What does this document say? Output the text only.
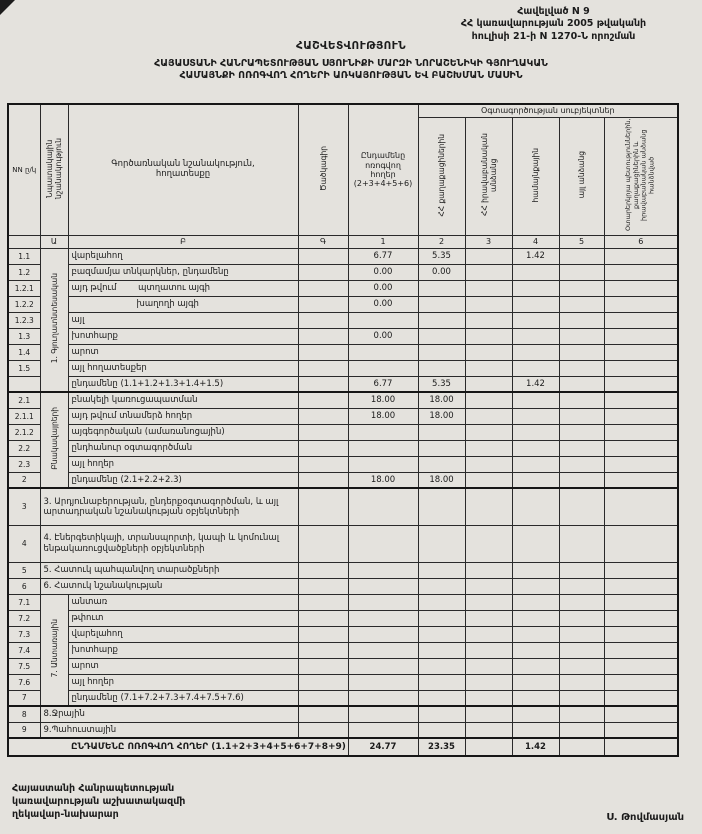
Հավելված N 9
ՀՀ կառավարության 2005 թվականի
հուլիսի 21-ի N 1270-Ն որոշման
ՀԱՇՎԵՏՎՈՒԹՅՈՒՆ
ՀԱՅԱՍՏԱՆԻ ՀԱՆՐԱՊԵՏՈՒԹՅԱՆ ՍՅՈՒՆԻՔԻ ՄԱՐԶԻ ՆՈՐԱՇԵՆԻԿԻ ԳՅՈՒՂԱԿԱՆ
ՀԱՄԱՅՆՔԻ ՈՌՈԳՎՈՂ ՀՈՂԵՐԻ ԱՌԿԱՅՈՒԹՅԱՆ ԵՎ ԲԱՇԽՄԱՆ ՄԱՍԻՆ
NN ը/կ	Նպատակային նշանակություն	Գործառնական նշանակություն, հողատեսքը	Ծածկագիր	Ընդամենը ոռոգվող հողեր (2+3+4+5+6)	Օգտագործության սուբյեկտներ				
					ՀՀ քաղաքացիներին	ՀՀ իրավաբանական անձանց	համայնքային	այլ անձանց	Օտարերկրյա պետություններին, քաղաքացիներին և իրավաբանական անձանց հանձնված
	Ա	Բ	Գ	1	2	3	4	5	6
1.1	1. Գյուղատնտեսական	վարելահող		6.77	5.35		1.42		
1.2		բազմամյա տնկարկներ, ընդամենը		0.00	0.00				
1.2.1		այդ թվում        պտղատու այգի		0.00					
1.2.2		խաղողի այգի		0.00					
1.2.3		այլ							
1.3		խոտհարք		0.00					
1.4		արոտ							
1.5		այլ հողատեսքեր							
		ընդամենը (1.1+1.2+1.3+1.4+1.5)		6.77	5.35		1.42		
2.1	Բնակավայրերի	բնակելի կառուցապատման		18.00	18.00				
2.1.1		այդ թվում տնամերձ հողեր		18.00	18.00				
2.1.2		այգեգործական (ամառանոցային)							
2.2		ընդհանուր օգտագործման							
2.3		այլ հողեր							
2		ընդամենը (2.1+2.2+2.3)		18.00	18.00				
3	3. Արդյունաբերության, ընդերքօգտագործման, և այլ արտադրական նշանակության օբյեկտների								
4	4. Էներգետիկայի, տրանսպորտի, կապի և կոմունալ ենթակառուցվածքների օբյեկտների								
5	5. Հատուկ պահպանվող տարածքների								
6	6. Հատուկ նշանակության								
7.1	7. Անտառային	անտառ							
7.2		թփուտ							
7.3		վարելահող							
7.4		խոտհարք							
7.5		արոտ							
7.6		այլ հողեր							
7		ընդամենը (7.1+7.2+7.3+7.4+7.5+7.6)							
8	8.Ջրային								
9	9.Պահուստային								
ԸՆԴԱՄԵՆԸ ՈՌՈԳՎՈՂ ՀՈՂԵՐ (1.1+2+3+4+5+6+7+8+9)				24.77	23.35		1.42		
Հայաստանի Հանրապետության
կառավարության աշխատակազմի
ղեկավար-նախարար	Ս. Թովմասյան
